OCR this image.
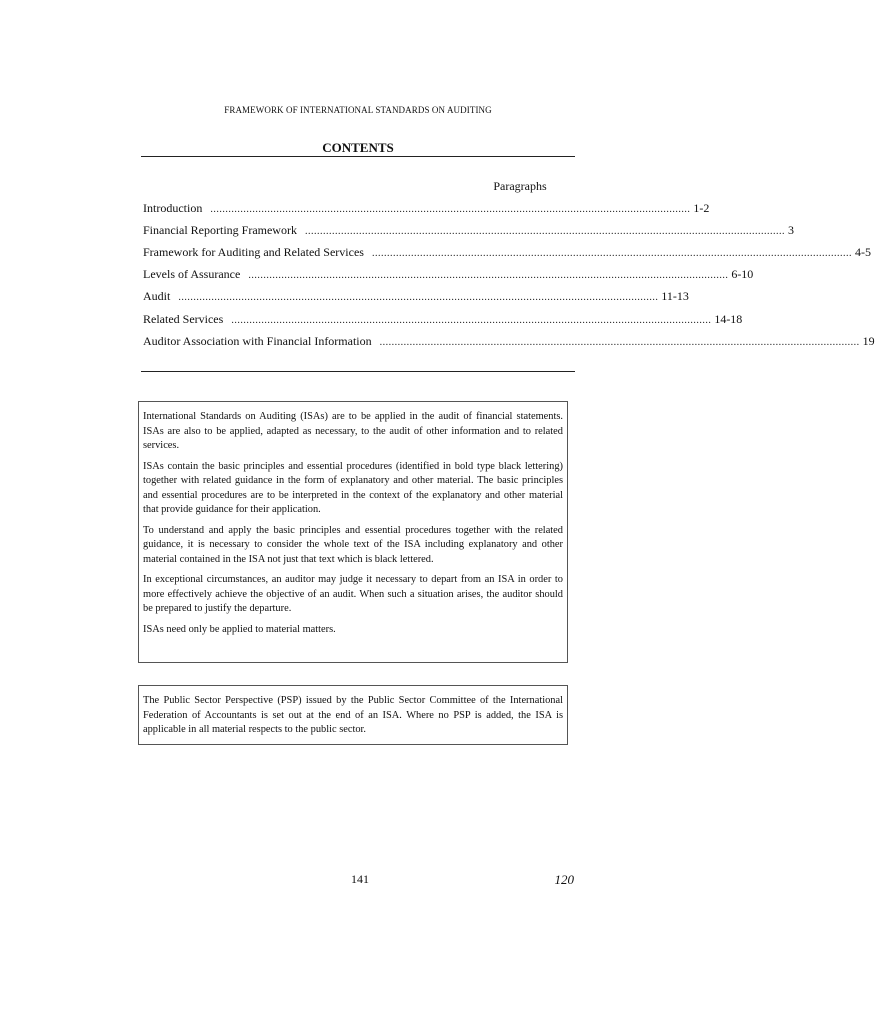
FRAMEWORK OF INTERNATIONAL STANDARDS ON AUDITING
CONTENTS
Paragraphs
Introduction ................................................................................................................................................................ 1-2
Financial Reporting Framework ................................................................................................................................................................ 3
Framework for Auditing and Related Services ................................................................................................................................................................ 4-5
Levels of Assurance ................................................................................................................................................................ 6-10
Audit ................................................................................................................................................................ 11-13
Related Services ................................................................................................................................................................ 14-18
Auditor Association with Financial Information ................................................................................................................................................................ 19

International Standards on Auditing (ISAs) are to be applied in the audit of financial statements. ISAs are also to be applied, adapted as necessary, to the audit of other information and to related services.

ISAs contain the basic principles and essential procedures (identified in bold type black lettering) together with related guidance in the form of explanatory and other material. The basic principles and essential procedures are to be interpreted in the context of the explanatory and other material that provide guidance for their application.

To understand and apply the basic principles and essential procedures together with the related guidance, it is necessary to consider the whole text of the ISA including explanatory and other material contained in the ISA not just that text which is black lettered.

In exceptional circumstances, an auditor may judge it necessary to depart from an ISA in order to more effectively achieve the objective of an audit. When such a situation arises, the auditor should be prepared to justify the departure.

ISAs need only be applied to material matters.

The Public Sector Perspective (PSP) issued by the Public Sector Committee of the International Federation of Accountants is set out at the end of an ISA. Where no PSP is added, the ISA is applicable in all material respects to the public sector.

141	120
